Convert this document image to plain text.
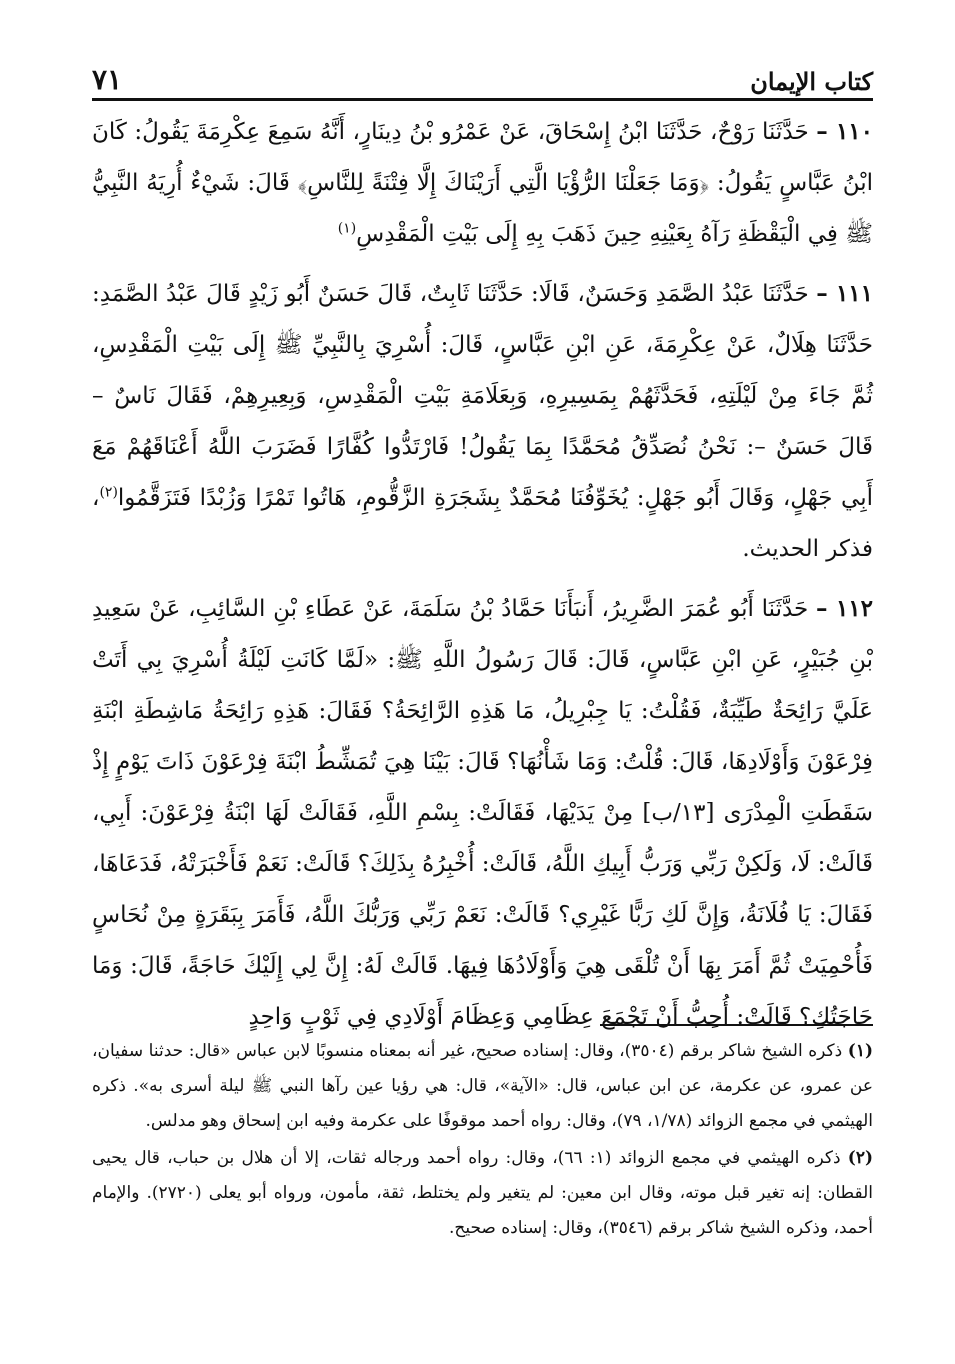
كتاب الإيمان
٧١

١١٠ – حَدَّثَنَا رَوْحٌ، حَدَّثَنَا ابْنُ إِسْحَاقَ، عَنْ عَمْرُو بْنُ دِينَارٍ، أَنَّهُ سَمِعَ عِكْرِمَةَ يَقُولُ: كَانَ ابْنُ عَبَّاسٍ يَقُولُ: ﴿وَمَا جَعَلْنَا الرُّؤْيَا الَّتِي أَرَيْنَاكَ إِلَّا فِتْنَةً لِلنَّاسِ﴾ قَالَ: شَيْءٌ أُرِيَهُ النَّبِيُّ ﷺ فِي الْيَقْظَةِ رَآهُ بِعَيْنِهِ حِينَ ذَهَبَ بِهِ إِلَى بَيْتِ الْمَقْدِسِ$^{(١)}$

١١١ – حَدَّثَنَا عَبْدُ الصَّمَدِ وَحَسَنٌ، قَالَا: حَدَّثَنَا ثَابِتٌ، قَالَ حَسَنٌ أَبُو زَيْدٍ قَالَ عَبْدُ الصَّمَدِ: حَدَّثَنَا هِلَالٌ، عَنْ عِكْرِمَةَ، عَنِ ابْنِ عَبَّاسٍ، قَالَ: أُسْرِيَ بِالنَّبِيِّ ﷺ إِلَى بَيْتِ الْمَقْدِسِ، ثُمَّ جَاءَ مِنْ لَيْلَتِهِ، فَحَدَّثَهُمْ بِمَسِيرِهِ، وَبِعَلَامَةِ بَيْتِ الْمَقْدِسِ، وَبِعِيرِهِمْ، فَقَالَ نَاسٌ – قَالَ حَسَنٌ –: نَحْنُ نُصَدِّقُ مُحَمَّدًا بِمَا يَقُولُ! فَارْتَدُّوا كُفَّارًا فَضَرَبَ اللَّهُ أَعْنَاقَهُمْ مَعَ أَبِي جَهْلٍ، وَقَالَ أَبُو جَهْلٍ: يُخَوِّفُنَا مُحَمَّدٌ بِشَجَرَةِ الزَّقُّومِ، هَاتُوا تَمْرًا وَزُبْدًا فَتَزَقَّمُوا$^{(٢)}$، فذكر الحديث.

١١٢ – حَدَّثَنَا أَبُو عُمَرَ الضَّرِيرُ، أَنبَأَنَا حَمَّادُ بْنُ سَلَمَةَ، عَنْ عَطَاءِ بْنِ السَّائِبِ، عَنْ سَعِيدِ بْنِ جُبَيْرٍ، عَنِ ابْنِ عَبَّاسٍ، قَالَ: قَالَ رَسُولُ اللَّهِ ﷺ: «لَمَّا كَانَتِ لَيْلَةُ أُسْرِيَ بِي أَتَتْ عَلَيَّ رَائِحَةٌ طَيِّبَةٌ، فَقُلْتُ: يَا جِبْرِيلُ، مَا هَذِهِ الرَّائِحَةُ؟ فَقَالَ: هَذِهِ رَائِحَةُ مَاشِطَةِ ابْنَةِ فِرْعَوْنَ وَأَوْلَادِهَا، قَالَ: قُلْتُ: وَمَا شَأْنُهَا؟ قَالَ: بَيْنَا هِيَ تُمَشِّطُ ابْنَةَ فِرْعَوْنَ ذَاتَ يَوْمٍ إِذْ سَقَطَتِ الْمِدْرَى [١٣/ب] مِنْ يَدَيْهَا، فَقَالَتْ: بِسْمِ اللَّهِ، فَقَالَتْ لَهَا ابْنَةُ فِرْعَوْنَ: أَبِي، قَالَتْ: لَا، وَلَكِنْ رَبِّي وَرَبُّ أَبِيكِ اللَّهُ، قَالَتْ: أُخْبِرُهُ بِذَلِكَ؟ قَالَتْ: نَعَمْ فَأَخْبَرَتْهُ، فَدَعَاهَا، فَقَالَ: يَا فُلَانَةُ، وَإِنَّ لَكِ رَبًّا غَيْرِي؟ قَالَتْ: نَعَمْ رَبِّي وَرَبُّكَ اللَّهُ، فَأَمَرَ بِبَقَرَةٍ مِنْ نُحَاسٍ فَأُحْمِيَتْ ثُمَّ أَمَرَ بِهَا أَنْ تُلْقَى هِيَ وَأَوْلَادُهَا فِيهَا. قَالَتْ لَهُ: إِنَّ لِي إِلَيْكَ حَاجَةً، قَالَ: وَمَا حَاجَتُكِ؟ قَالَتْ: أُحِبُّ أَنْ تَجْمَعَ عِظَامِي وَعِظَامَ أَوْلَادِي فِي ثَوْبٍ وَاحِدٍ

(١) ذكره الشيخ شاكر برقم (٣٥٠٤)، وقال: إسناده صحيح، غير أنه بمعناه منسوبًا لابن عباس «قال: حدثنا سفيان، عن عمرو، عن عكرمة، عن ابن عباس، قال: «الآية»، قال: هي رؤيا عين رآها النبي ﷺ ليلة أسرى به». ذكره الهيثمي في مجمع الزوائد (١/٧٨، ٧٩)، وقال: رواه أحمد موقوفًا على عكرمة وفيه ابن إسحاق وهو مدلس.

(٢) ذكره الهيثمي في مجمع الزوائد (١: ٦٦)، وقال: رواه أحمد ورجاله ثقات، إلا أن هلال بن حباب، قال يحيى القطان: إنه تغير قبل موته، وقال ابن معين: لم يتغير ولم يختلط، ثقة، مأمون، ورواه أبو يعلى (٢٧٢٠). والإمام أحمد، وذكره الشيخ شاكر برقم (٣٥٤٦)، وقال: إسناده صحيح.
